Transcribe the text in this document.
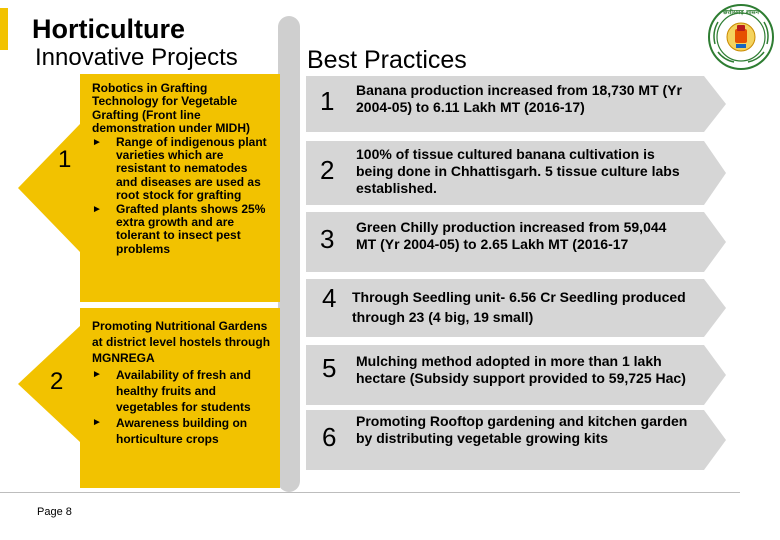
Horticulture
Innovative Projects	Best Practices
छत्तीसगढ़ शासन
1
Robotics in Grafting Technology for Vegetable Grafting (Front line demonstration under MIDH)
► Range of indigenous plant varieties which are resistant to nematodes and diseases are used as root stock for grafting
► Grafted plants shows 25% extra growth and are tolerant to insect pest problems
2
Promoting Nutritional Gardens at district level hostels through MGNREGA
► Availability of fresh and healthy fruits and vegetables for students
► Awareness building on horticulture crops
1 Banana production increased from 18,730 MT (Yr 2004-05) to 6.11 Lakh MT (2016-17)
2
100% of tissue cultured banana cultivation is being done in Chhattisgarh. 5 tissue culture labs established.
3 Green Chilly production increased from 59,044 MT (Yr 2004-05) to 2.65 Lakh MT (2016-17
4 Through Seedling unit- 6.56 Cr Seedling produced through 23 (4 big, 19 small)
5 Mulching method adopted in more than 1 lakh hectare (Subsidy support provided to 59,725 Hac)
6
Promoting Rooftop gardening and kitchen garden by distributing vegetable growing kits
Page 8
